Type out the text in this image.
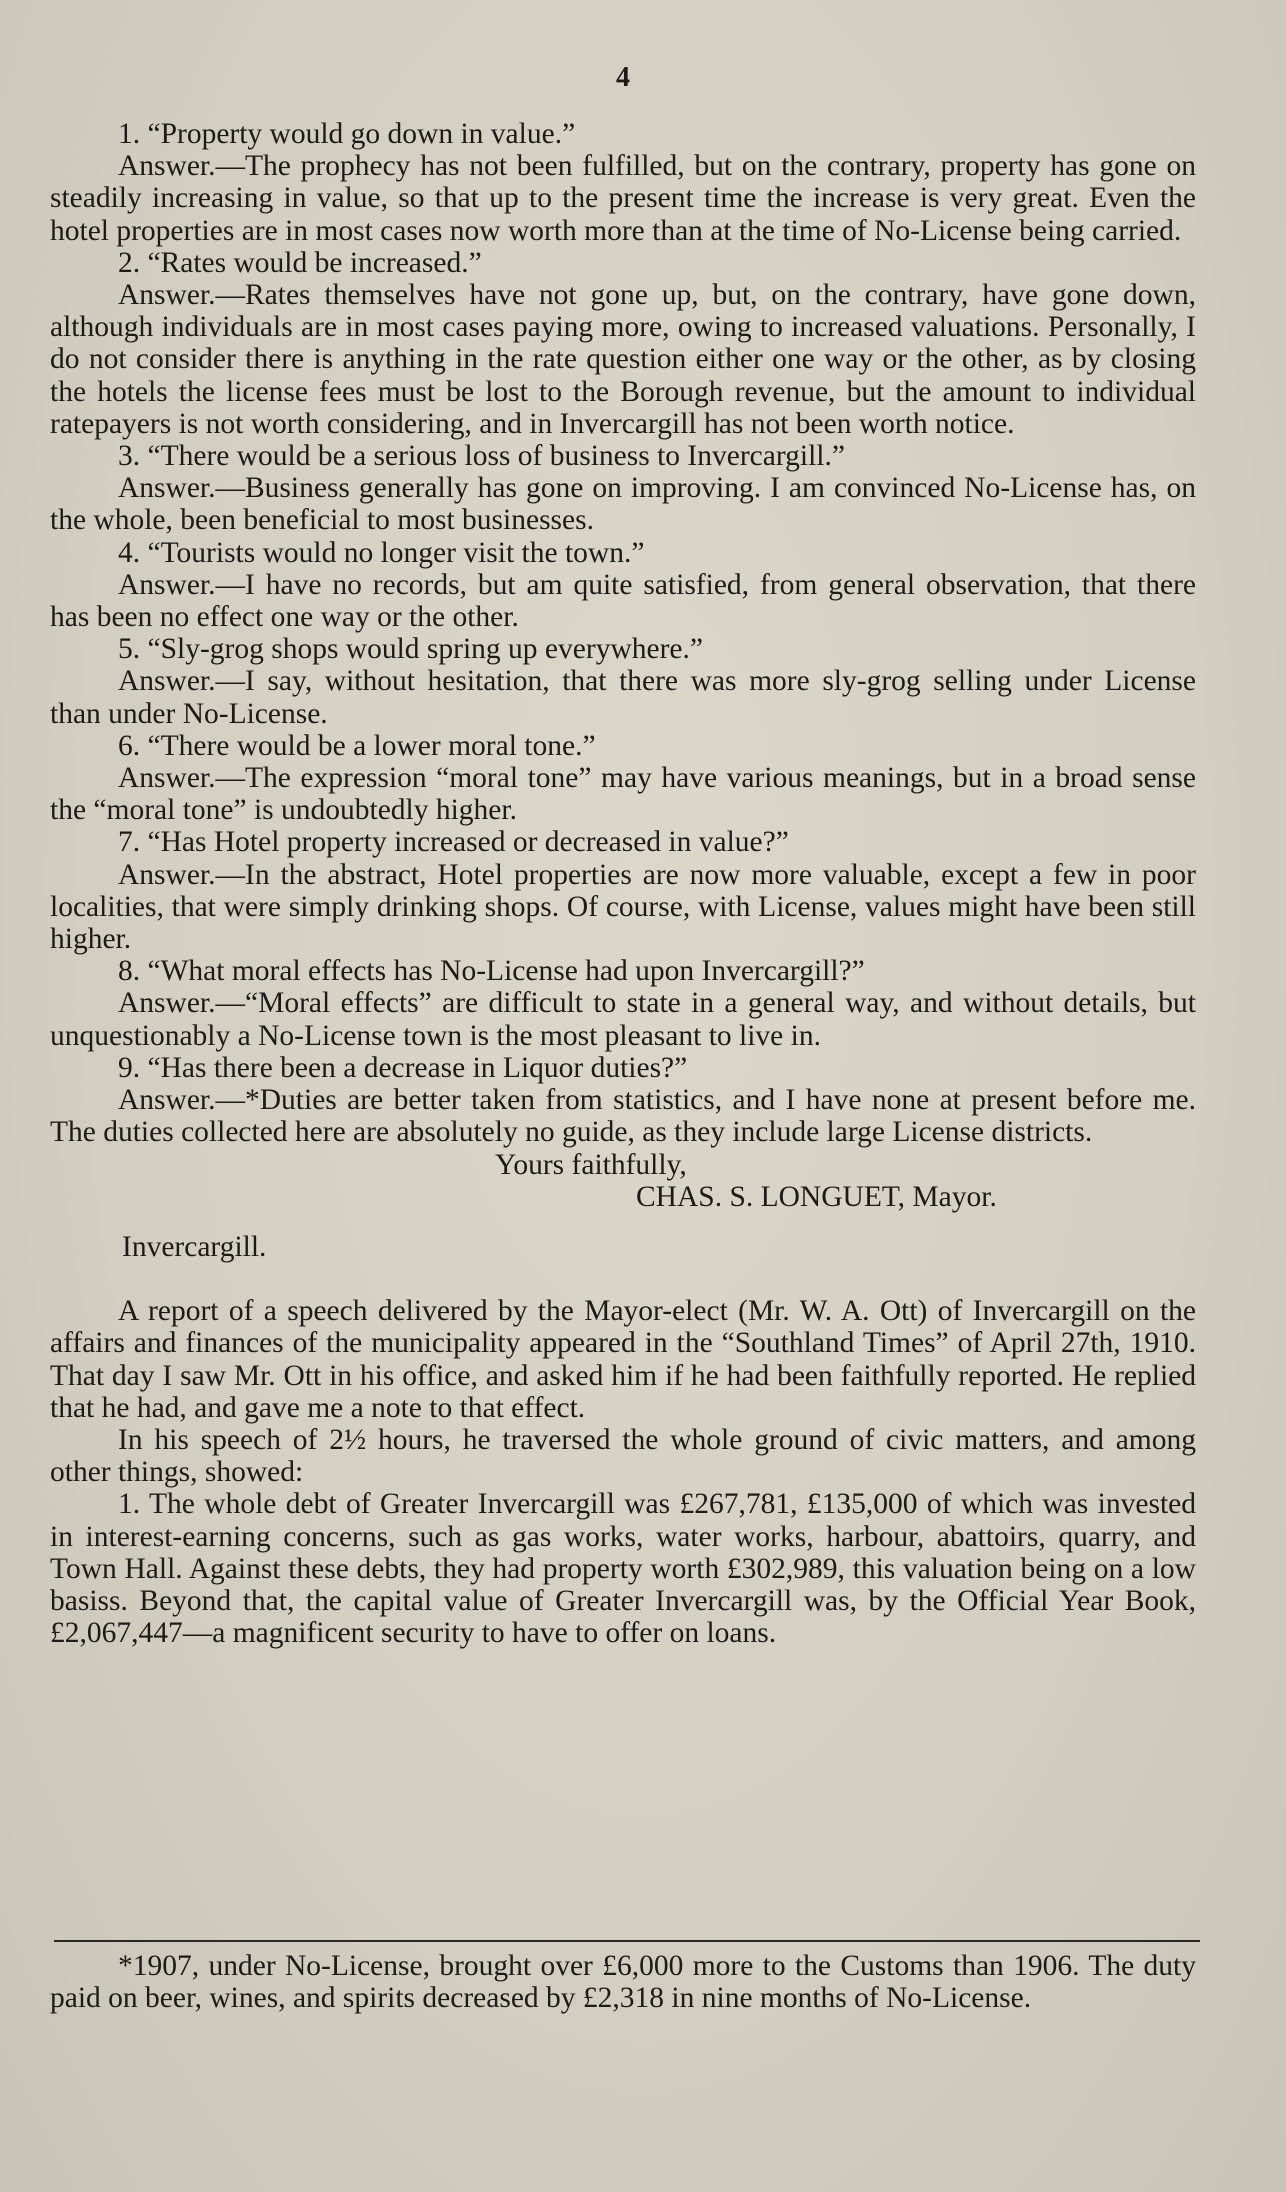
4

1. “Property would go down in value.”

Answer.—The prophecy has not been fulfilled, but on the contrary, property has gone on steadily increasing in value, so that up to the present time the increase is very great. Even the hotel properties are in most cases now worth more than at the time of No-License being carried.

2. “Rates would be increased.”

Answer.—Rates themselves have not gone up, but, on the contrary, have gone down, although individuals are in most cases paying more, owing to increased valuations. Personally, I do not consider there is anything in the rate question either one way or the other, as by closing the hotels the license fees must be lost to the Borough revenue, but the amount to individual ratepayers is not worth considering, and in Invercargill has not been worth notice.

3. “There would be a serious loss of business to Invercargill.”

Answer.—Business generally has gone on improving. I am convinced No-License has, on the whole, been beneficial to most businesses.

4. “Tourists would no longer visit the town.”

Answer.—I have no records, but am quite satisfied, from general observation, that there has been no effect one way or the other.

5. “Sly-grog shops would spring up everywhere.”

Answer.—I say, without hesitation, that there was more sly-grog selling under License than under No-License.

6. “There would be a lower moral tone.”

Answer.—The expression “moral tone” may have various meanings, but in a broad sense the “moral tone” is undoubtedly higher.

7. “Has Hotel property increased or decreased in value?”

Answer.—In the abstract, Hotel properties are now more valuable, except a few in poor localities, that were simply drinking shops. Of course, with License, values might have been still higher.

8. “What moral effects has No-License had upon Invercargill?”

Answer.—“Moral effects” are difficult to state in a general way, and without details, but unquestionably a No-License town is the most pleasant to live in.

9. “Has there been a decrease in Liquor duties?”

Answer.—*Duties are better taken from statistics, and I have none at present before me. The duties collected here are absolutely no guide, as they include large License districts.

Yours faithfully,

CHAS. S. LONGUET, Mayor.

Invercargill.

A report of a speech delivered by the Mayor-elect (Mr. W. A. Ott) of Invercargill on the affairs and finances of the municipality appeared in the “Southland Times” of April 27th, 1910. That day I saw Mr. Ott in his office, and asked him if he had been faithfully reported. He replied that he had, and gave me a note to that effect.

In his speech of 2½ hours, he traversed the whole ground of civic matters, and among other things, showed:

1. The whole debt of Greater Invercargill was £267,781, £135,000 of which was invested in interest-earning concerns, such as gas works, water works, harbour, abattoirs, quarry, and Town Hall. Against these debts, they had property worth £302,989, this valuation being on a low basiss. Beyond that, the capital value of Greater Invercargill was, by the Official Year Book, £2,067,447—a magnificent security to have to offer on loans.

*1907, under No-License, brought over £6,000 more to the Customs than 1906. The duty paid on beer, wines, and spirits decreased by £2,318 in nine months of No-License.
